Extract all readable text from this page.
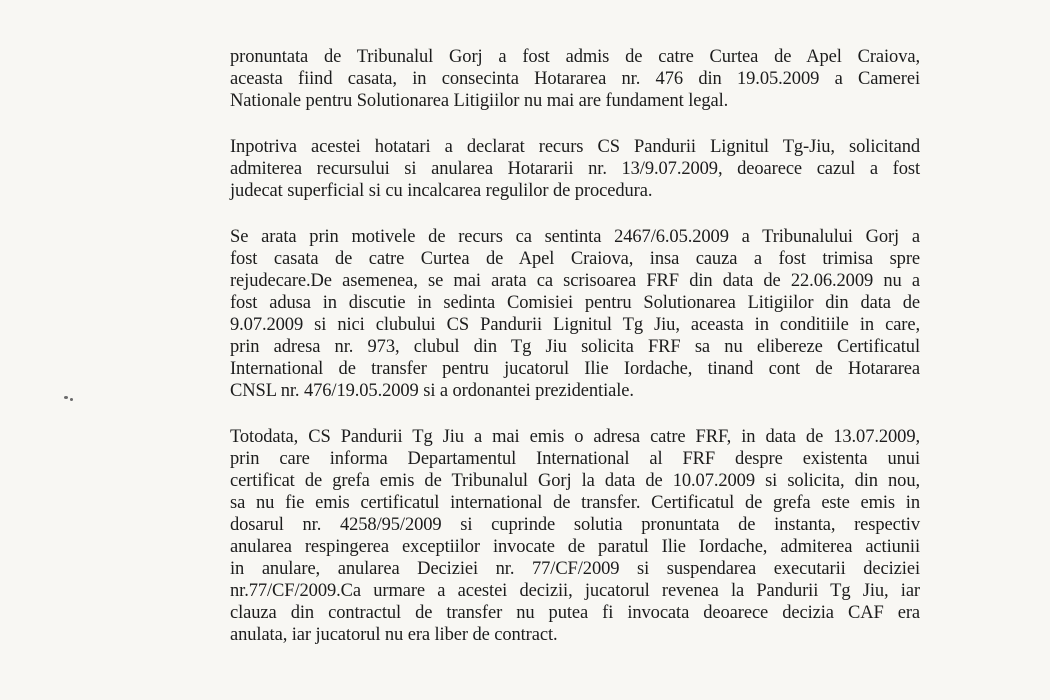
pronuntata de Tribunalul Gorj a fost admis de catre Curtea de Apel Craiova,
aceasta fiind casata, in consecinta Hotararea nr. 476 din 19.05.2009 a Camerei
Nationale pentru Solutionarea Litigiilor nu mai are fundament legal.
Inpotriva acestei hotatari a declarat recurs CS Pandurii Lignitul Tg-Jiu, solicitand
admiterea recursului si anularea Hotararii nr. 13/9.07.2009, deoarece cazul a fost
judecat superficial si cu incalcarea regulilor de procedura.
Se arata prin motivele de recurs ca sentinta 2467/6.05.2009 a Tribunalului Gorj a
fost casata de catre Curtea de Apel Craiova, insa cauza a fost trimisa spre
rejudecare.De asemenea, se mai arata ca scrisoarea FRF din data de 22.06.2009 nu a
fost adusa in discutie in sedinta Comisiei pentru Solutionarea Litigiilor din data de
9.07.2009 si nici clubului CS Pandurii Lignitul Tg Jiu, aceasta in conditiile in care,
prin adresa nr. 973, clubul din Tg Jiu solicita FRF sa nu elibereze Certificatul
International de transfer pentru jucatorul Ilie Iordache, tinand cont de Hotararea
CNSL nr. 476/19.05.2009 si a ordonantei prezidentiale.
Totodata, CS Pandurii Tg Jiu a mai emis o adresa catre FRF, in data de 13.07.2009,
prin care informa Departamentul International al FRF despre existenta unui
certificat de grefa emis de Tribunalul Gorj la data de 10.07.2009 si solicita, din nou,
sa nu fie emis certificatul international de transfer. Certificatul de grefa este emis in
dosarul nr. 4258/95/2009 si cuprinde solutia pronuntata de instanta, respectiv
anularea respingerea exceptiilor invocate de paratul Ilie Iordache, admiterea actiunii
in anulare, anularea Deciziei nr. 77/CF/2009 si suspendarea executarii deciziei
nr.77/CF/2009.Ca urmare a acestei decizii, jucatorul revenea la Pandurii Tg Jiu, iar
clauza din contractul de transfer nu putea fi invocata deoarece decizia CAF era
anulata, iar jucatorul nu era liber de contract.
